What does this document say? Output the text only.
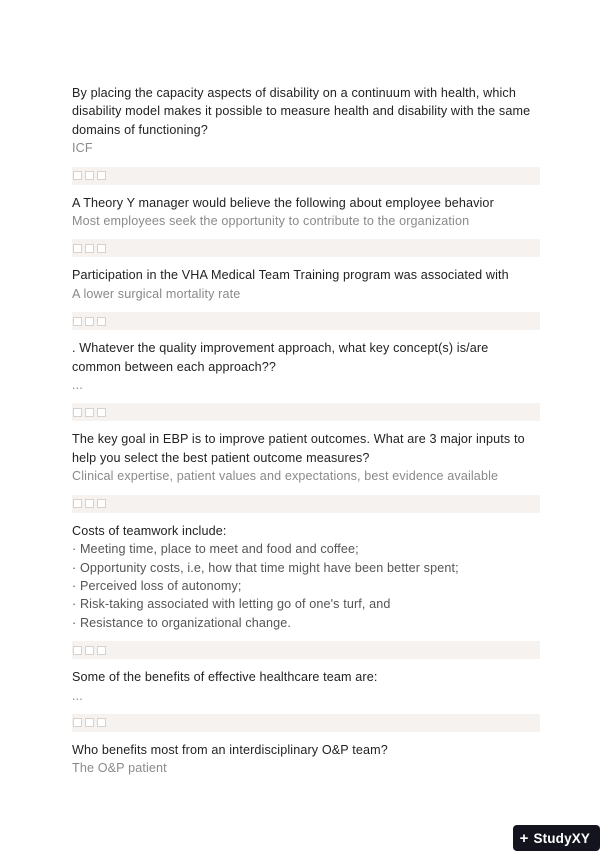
By placing the capacity aspects of disability on a continuum with health, which disability model makes it possible to measure health and disability with the same domains of functioning?

ICF

A Theory Y manager would believe the following about employee behavior

Most employees seek the opportunity to contribute to the organization

Participation in the VHA Medical Team Training program was associated with

A lower surgical mortality rate

. Whatever the quality improvement approach, what key concept(s) is/are common between each approach??

...

The key goal in EBP is to improve patient outcomes. What are 3 major inputs to help you select the best patient outcome measures?

Clinical expertise, patient values and expectations, best evidence available

Costs of teamwork include:

· Meeting time, place to meet and food and coffee;

· Opportunity costs, i.e, how that time might have been better spent;

· Perceived loss of autonomy;

· Risk-taking associated with letting go of one's turf, and

· Resistance to organizational change.

Some of the benefits of effective healthcare team are:

...

Who benefits most from an interdisciplinary O&P team?

The O&P patient

+ Study XY
